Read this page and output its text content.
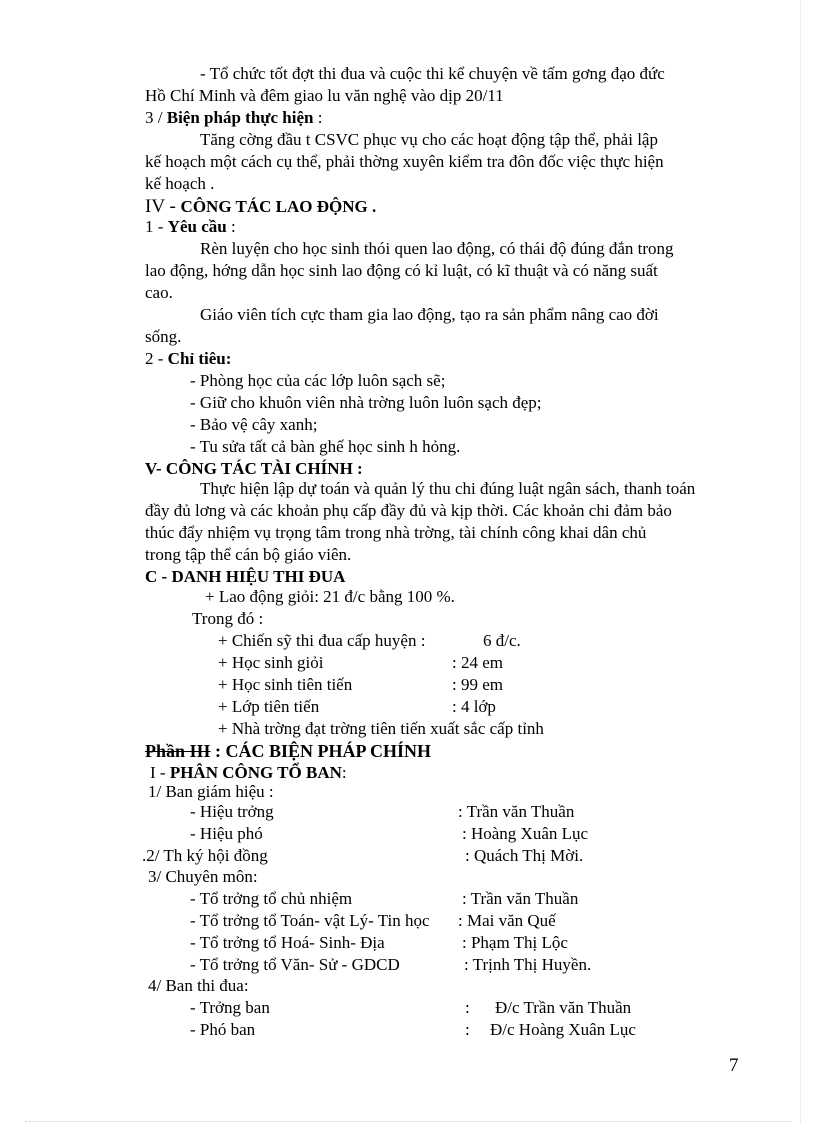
- Tổ chức tốt đợt thi đua và cuộc thi kể chuyện về tấm gơng đạo đức
Hồ Chí Minh và đêm giao lu văn nghệ vào dịp 20/11
3 / Biện pháp thực hiện :
Tăng cờng đầu t CSVC phục vụ cho các hoạt động tập thể, phải lập
kế hoạch một cách cụ thể, phải thờng xuyên kiểm tra đôn đốc việc thực hiện
kế hoạch .
IV - CÔNG TÁC LAO ĐỘNG .
1 - Yêu cầu :
Rèn luyện cho học sinh thói quen lao động, có thái độ đúng đắn trong
lao động, hớng dẫn học sinh lao động có kỉ luật, có kĩ thuật và có năng suất
cao.
Giáo viên tích cực tham gia lao động, tạo ra sản phẩm nâng cao đời
sống.
2 - Chỉ tiêu:
- Phòng học của các lớp luôn sạch sẽ;
- Giữ cho khuôn viên nhà trờng luôn luôn sạch đẹp;
- Bảo vệ cây xanh;
- Tu sửa tất cả bàn ghế học sinh h hỏng.
V- CÔNG TÁC TÀI CHÍNH :
Thực hiện lập dự toán và quản lý thu chi đúng luật ngân sách, thanh toán
đầy đủ lơng và các khoản phụ cấp đầy đủ và kịp thời. Các khoản chi đảm bảo
thúc đẩy nhiệm vụ trọng tâm trong nhà trờng, tài chính công khai dân chủ
trong tập thể cán bộ giáo viên.
C - DANH HIỆU THI ĐUA
+ Lao động giỏi: 21 đ/c bằng 100 %.
Trong đó :
+ Chiến sỹ thi đua cấp huyện :	6 đ/c.
+ Học sinh giỏi	: 24 em
+ Học sinh tiên tiến	: 99 em
+ Lớp tiên tiến	: 4 lớp
+ Nhà trờng đạt trờng tiên tiến xuất sắc cấp tỉnh
Phần III : CÁC BIỆN PHÁP CHÍNH
I - PHÂN CÔNG TỔ BAN:
1/ Ban giám hiệu :
- Hiệu trởng	: Trần văn Thuần
- Hiệu phó	: Hoàng Xuân Lục
.2/ Th ký hội đồng	: Quách Thị Mời.
3/ Chuyên môn:
- Tổ trởng tổ chủ nhiệm	: Trần văn Thuần
- Tổ trởng tổ Toán- vật Lý- Tin học : Mai văn Quế
- Tổ trởng tổ Hoá- Sinh- Địa	: Phạm Thị Lộc
- Tổ trởng tổ Văn- Sử - GDCD	: Trịnh Thị Huyền.
4/ Ban thi đua:
- Trởng ban	: Đ/c Trần văn Thuần
- Phó ban	: Đ/c Hoàng Xuân Lục
7
